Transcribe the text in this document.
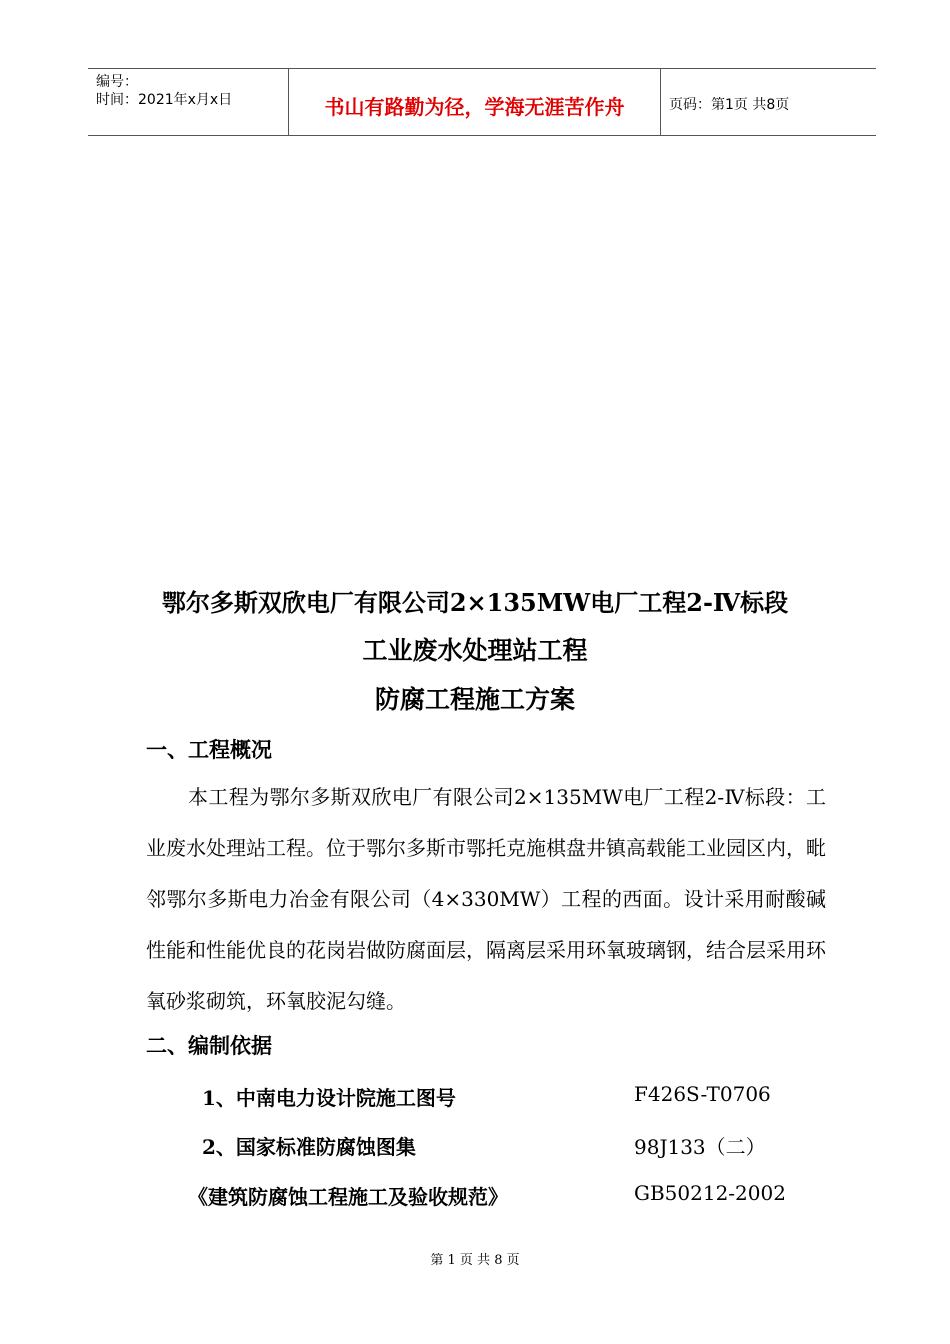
编号：
时间：2021年x月x日	书山有路勤为径，学海无涯苦作舟	页码：第1页 共8页
鄂尔多斯双欣电厂有限公司2×135MW电厂工程2-Ⅳ标段
工业废水处理站工程
防腐工程施工方案
一、工程概况
本工程为鄂尔多斯双欣电厂有限公司2×135MW电厂工程2-Ⅳ标段：工业废水处理站工程。位于鄂尔多斯市鄂托克施棋盘井镇高载能工业园区内，毗邻鄂尔多斯电力冶金有限公司（4×330MW）工程的西面。设计采用耐酸碱性能和性能优良的花岗岩做防腐面层，隔离层采用环氧玻璃钢，结合层采用环氧砂浆砌筑，环氧胶泥勾缝。
二、编制依据
1、中南电力设计院施工图号	F426S-T0706
2、国家标准防腐蚀图集	98J133（二）
《建筑防腐蚀工程施工及验收规范》	GB50212-2002
第 1 页 共 8 页
